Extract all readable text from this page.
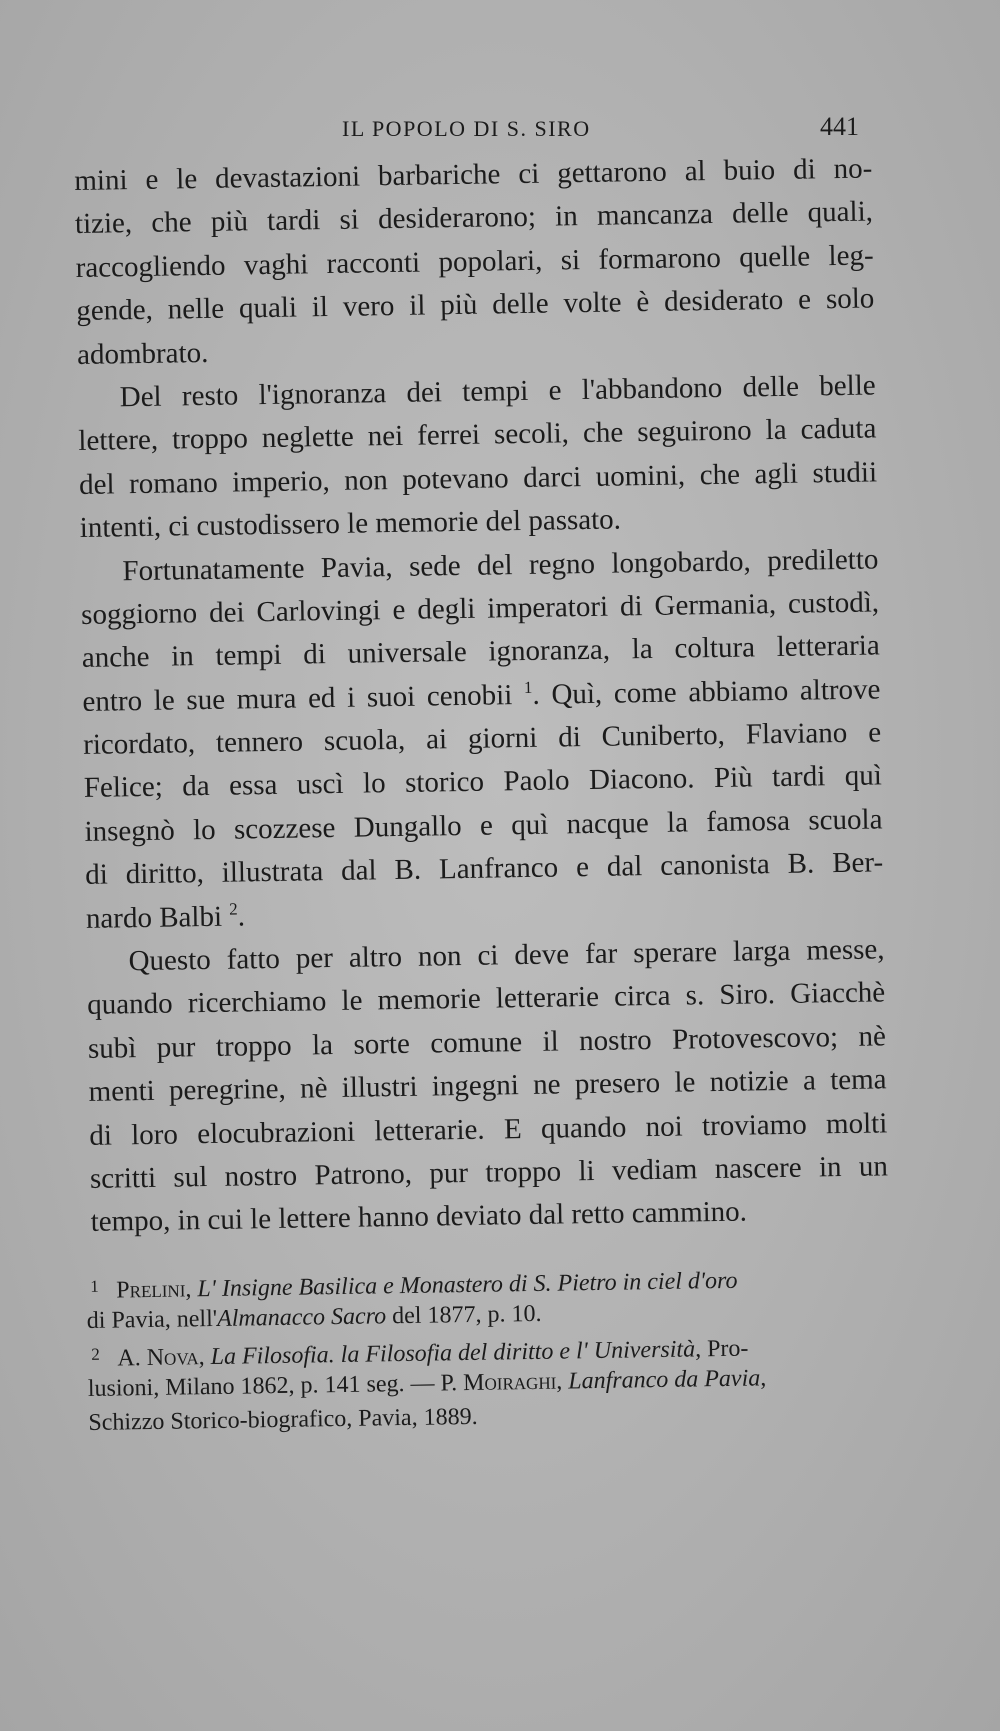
IL POPOLO DI S. SIRO	441
mini e le devastazioni barbariche ci gettarono al buio di no-
tizie, che più tardi si desiderarono; in mancanza delle quali,
raccogliendo vaghi racconti popolari, si formarono quelle leg-
gende, nelle quali il vero il più delle volte è desiderato e solo
adombrato.
Del resto l'ignoranza dei tempi e l'abbandono delle belle
lettere, troppo neglette nei ferrei secoli, che seguirono la caduta
del romano imperio, non potevano darci uomini, che agli studii
intenti, ci custodissero le memorie del passato.
Fortunatamente Pavia, sede del regno longobardo, prediletto
soggiorno dei Carlovingi e degli imperatori di Germania, custodì,
anche in tempi di universale ignoranza, la coltura letteraria
entro le sue mura ed i suoi cenobii $^1$. Quì, come abbiamo altrove
ricordato, tennero scuola, ai giorni di Cuniberto, Flaviano e
Felice; da essa uscì lo storico Paolo Diacono. Più tardi quì
insegnò lo scozzese Dungallo e quì nacque la famosa scuola
di diritto, illustrata dal B. Lanfranco e dal canonista B. Ber-
nardo Balbi $^2$.
Questo fatto per altro non ci deve far sperare larga messe,
quando ricerchiamo le memorie letterarie circa s. Siro. Giacchè
subì pur troppo la sorte comune il nostro Protovescovo; nè
menti peregrine, nè illustri ingegni ne presero le notizie a tema
di loro elocubrazioni letterarie. E quando noi troviamo molti
scritti sul nostro Patrono, pur troppo li vediam nascere in un
tempo, in cui le lettere hanno deviato dal retto cammino.
1 Prelini, L' Insigne Basilica e Monastero di S. Pietro in ciel d'oro
di Pavia, nell'Almanacco Sacro del 1877, p. 10.
2 A. Nova, La Filosofia. la Filosofia del diritto e l' Università, Pro-
lusioni, Milano 1862, p. 141 seg. — P. Moiraghi, Lanfranco da Pavia,
Schizzo Storico-biografico, Pavia, 1889.
